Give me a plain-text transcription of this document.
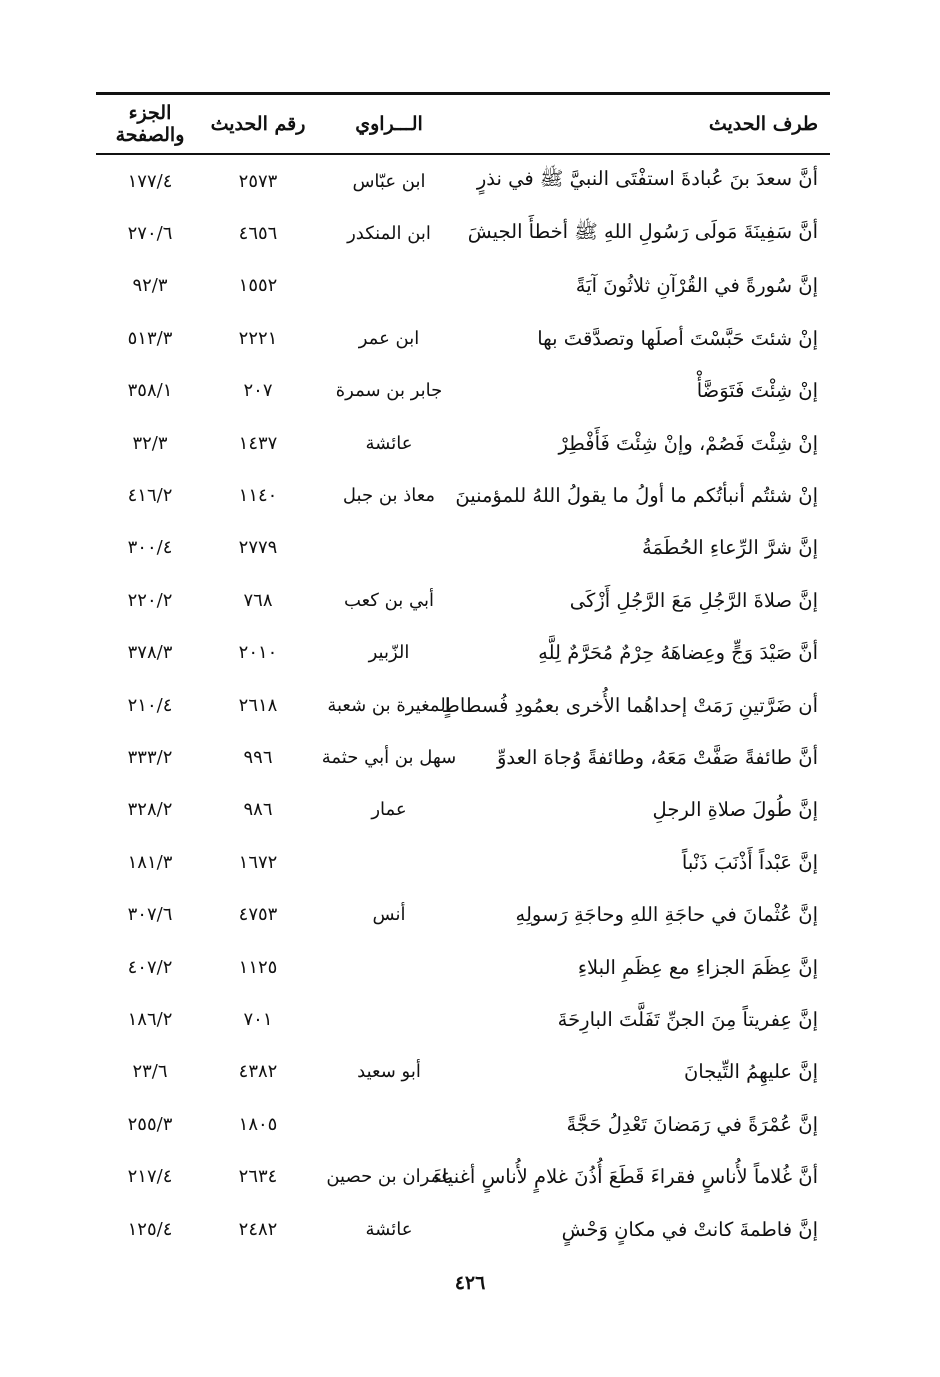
طرف الحديث
الـــراوي
رقم الحديث
الجزء والصفحة
أنَّ سعدَ بنَ عُبادةَ استفْتَى النبيَّ ﷺ في نذرٍ
ابن عبّاس
٢٥٧٣
١٧٧/٤
أنَّ سَفِينَةَ مَولَى رَسُولِ اللهِ ﷺ أخطأَ الجيشَ
ابن المنكدر
٤٦٥٦
٢٧٠/٦
إنَّ سُورةً في القُرْآنِ ثلاثُونَ آيَةً
١٥٥٢
٩٢/٣
إنْ شئتَ حَبَّسْتَ أصلَها وتصدَّقتَ بها
ابن عمر
٢٢٢١
٥١٣/٣
إنْ شِئْتَ فَتَوَضَّأْ
جابر بن سمرة
٢٠٧
٣٥٨/١
إنْ شِئْتَ فَصُمْ، وإنْ شِئْتَ فَأَفْطِرْ
عائشة
١٤٣٧
٣٢/٣
إنْ شئتُم أنبأتُكم ما أولُ ما يقولُ اللهُ للمؤمنينَ
معاذ بن جبل
١١٤٠
٤١٦/٢
إنَّ شرَّ الرِّعاءِ الحُطَمَةُ
٢٧٧٩
٣٠٠/٤
إنَّ صلاةَ الرَّجُلِ مَعَ الرَّجُلِ أَزْكَى
أبي بن كعب
٧٦٨
٢٢٠/٢
أنَّ صَيْدَ وَجٍّ وعِضاهَهُ حِرْمٌ مُحَرَّمٌ لِلَّهِ
الزّبير
٢٠١٠
٣٧٨/٣
أن ضَرَّتينِ رَمَتْ إحداهُما الأُخرى بعمُودِ فُسطاطٍ
المغيرة بن شعبة
٢٦١٨
٢١٠/٤
أنَّ طائفةً صَفَّتْ مَعَهُ، وطائفةً وُجاهَ العدوِّ
سهل بن أبي حثمة
٩٩٦
٣٣٣/٢
إنَّ طُولَ صلاةِ الرجلِ
عمار
٩٨٦
٣٢٨/٢
إنَّ عَبْداً أَذْنَبَ ذَنْباً
١٦٧٢
١٨١/٣
إنَّ عُثْمانَ في حاجَةِ اللهِ وحاجَةِ رَسولِهِ
أنس
٤٧٥٣
٣٠٧/٦
إنَّ عِظَمَ الجزاءِ مع عِظَمِ البلاءِ
١١٢٥
٤٠٧/٢
إنَّ عِفريتاً مِنَ الجنِّ تَفَلَّتَ البارِحَةَ
٧٠١
١٨٦/٢
إنَّ عليهِمُ التِّيجانَ
أبو سعيد
٤٣٨٢
٢٣/٦
إنَّ عُمْرَةً في رَمَضانَ تَعْدِلُ حَجَّةً
١٨٠٥
٢٥٥/٣
أنَّ غُلاماً لأُناسٍ فقراءَ قَطَعَ أُذُنَ غلامٍ لأُناسٍ أغنياءَ
عمران بن حصين
٢٦٣٤
٢١٧/٤
إنَّ فاطمةَ كانتْ في مكانٍ وَحْشٍ
عائشة
٢٤٨٢
١٢٥/٤
٤٢٦
